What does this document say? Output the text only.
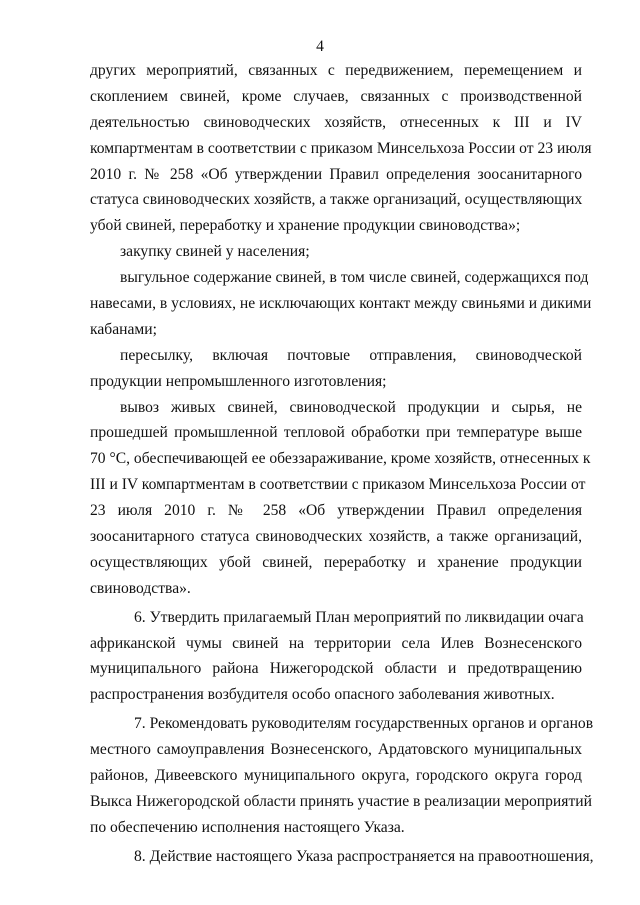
4
других мероприятий, связанных с передвижением, перемещением и
скоплением свиней, кроме случаев, связанных с производственной
деятельностью свиноводческих хозяйств, отнесенных к III и IV
компартментам в соответствии с приказом Минсельхоза России от 23 июля
2010 г. № 258 «Об утверждении Правил определения зоосанитарного
статуса свиноводческих хозяйств, а также организаций, осуществляющих
убой свиней, переработку и хранение продукции свиноводства»;
закупку свиней у населения;
выгульное содержание свиней, в том числе свиней, содержащихся под
навесами, в условиях, не исключающих контакт между свиньями и дикими
кабанами;
пересылку, включая почтовые отправления, свиноводческой
продукции непромышленного изготовления;
вывоз живых свиней, свиноводческой продукции и сырья, не
прошедшей промышленной тепловой обработки при температуре выше
70 °С, обеспечивающей ее обеззараживание, кроме хозяйств, отнесенных к
III и IV компартментам в соответствии с приказом Минсельхоза России от
23 июля 2010 г. № 258 «Об утверждении Правил определения
зоосанитарного статуса свиноводческих хозяйств, а также организаций,
осуществляющих убой свиней, переработку и хранение продукции
свиноводства».
6. Утвердить прилагаемый План мероприятий по ликвидации очага
африканской чумы свиней на территории села Илев Вознесенского
муниципального района Нижегородской области и предотвращению
распространения возбудителя особо опасного заболевания животных.
7. Рекомендовать руководителям государственных органов и органов
местного самоуправления Вознесенского, Ардатовского муниципальных
районов, Дивеевского муниципального округа, городского округа город
Выкса Нижегородской области принять участие в реализации мероприятий
по обеспечению исполнения настоящего Указа.
8. Действие настоящего Указа распространяется на правоотношения,
